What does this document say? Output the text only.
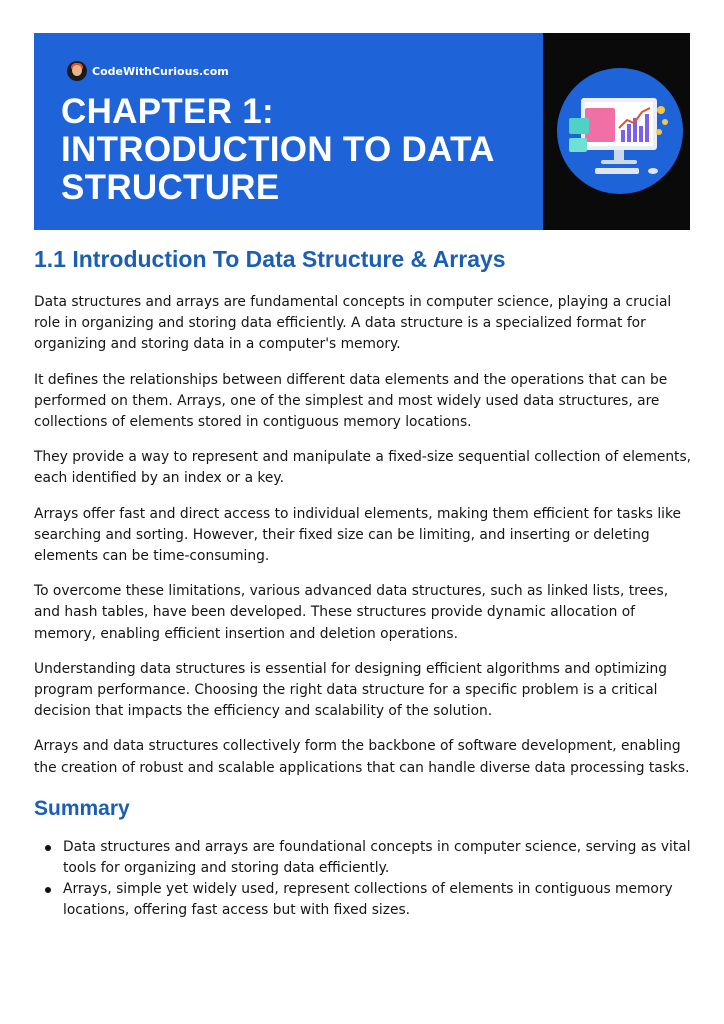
CodeWithCurious.com
CHAPTER 1:
INTRODUCTION TO DATA
STRUCTURE
1.1 Introduction To Data Structure & Arrays

Data structures and arrays are fundamental concepts in computer science, playing a crucial role in organizing and storing data efficiently. A data structure is a specialized format for organizing and storing data in a computer's memory.

It defines the relationships between different data elements and the operations that can be performed on them. Arrays, one of the simplest and most widely used data structures, are collections of elements stored in contiguous memory locations.

They provide a way to represent and manipulate a fixed-size sequential collection of elements, each identified by an index or a key.

Arrays offer fast and direct access to individual elements, making them efficient for tasks like searching and sorting. However, their fixed size can be limiting, and inserting or deleting elements can be time-consuming.

To overcome these limitations, various advanced data structures, such as linked lists, trees, and hash tables, have been developed. These structures provide dynamic allocation of memory, enabling efficient insertion and deletion operations.

Understanding data structures is essential for designing efficient algorithms and optimizing program performance. Choosing the right data structure for a specific problem is a critical decision that impacts the efficiency and scalability of the solution.

Arrays and data structures collectively form the backbone of software development, enabling the creation of robust and scalable applications that can handle diverse data processing tasks.

Summary
Data structures and arrays are foundational concepts in computer science, serving as vital tools for organizing and storing data efficiently.
Arrays, simple yet widely used, represent collections of elements in contiguous memory locations, offering fast access but with fixed sizes.
